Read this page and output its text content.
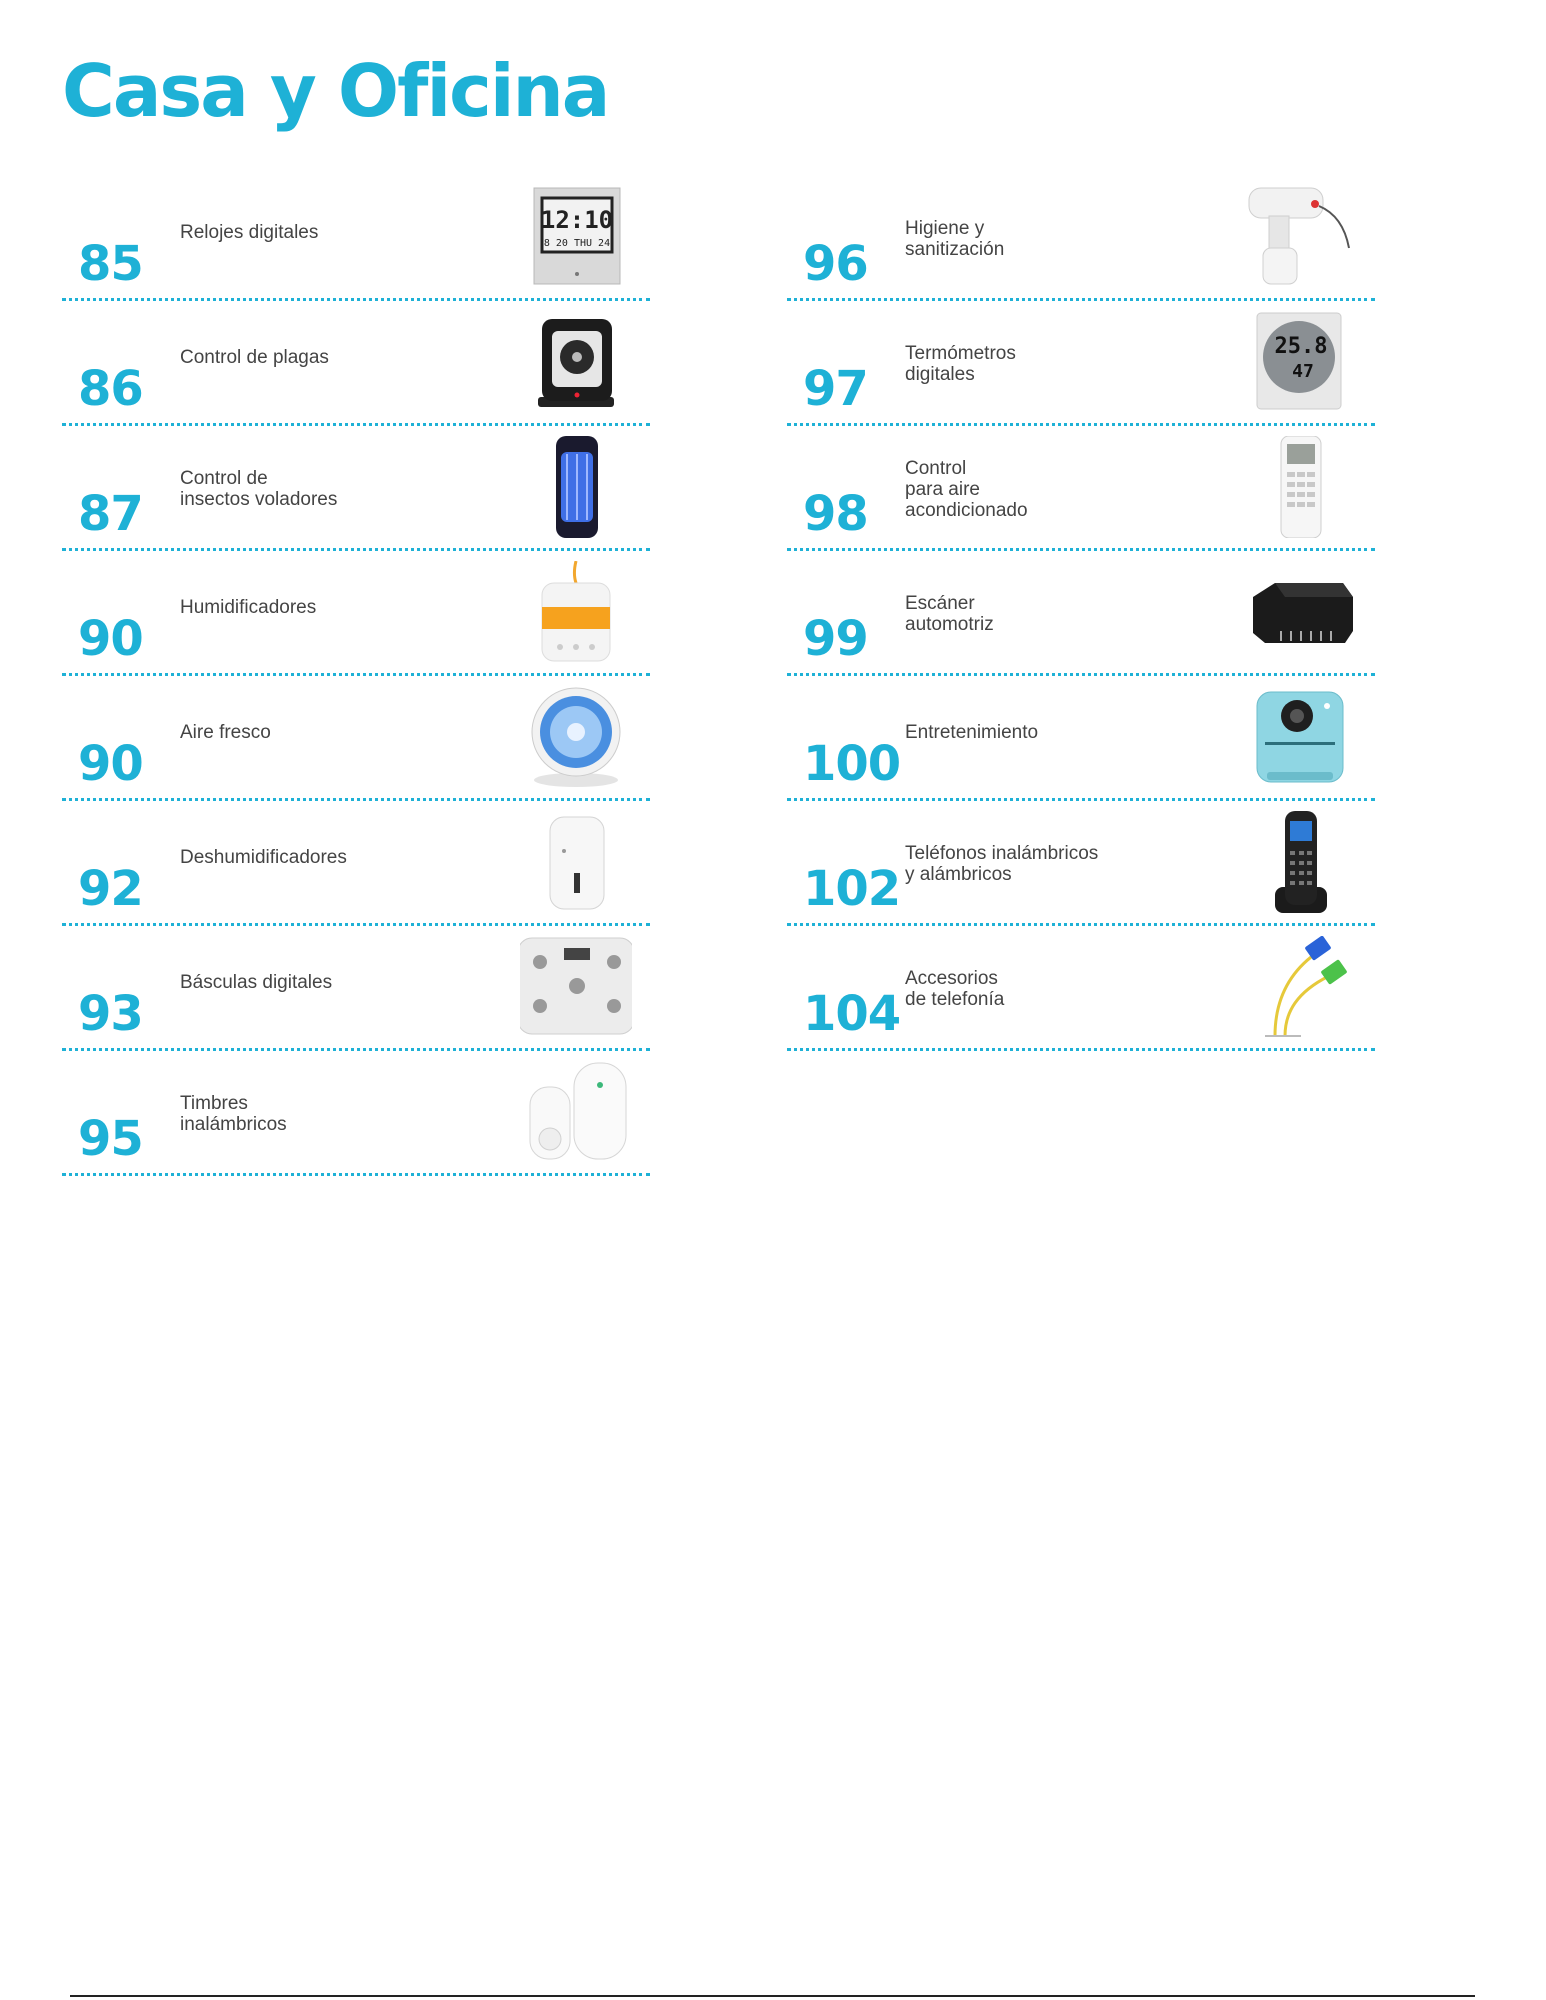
Casa y Oficina
85
Relojes digitales	12:10
8 20 THU 24
86
Control de plagas
87
Control de
insectos voladores
90
Humidificadores
90
Aire fresco
92
Deshumidificadores
93
Básculas digitales
95
Timbres
inalámbricos
96
Higiene y
sanitización
97
Termómetros
digitales
25.8
47
98
Control
para aire
acondicionado
99
Escáner
automotriz
100
Entretenimiento
102
Teléfonos inalámbricos
y alámbricos
104
Accesorios
de telefonía
